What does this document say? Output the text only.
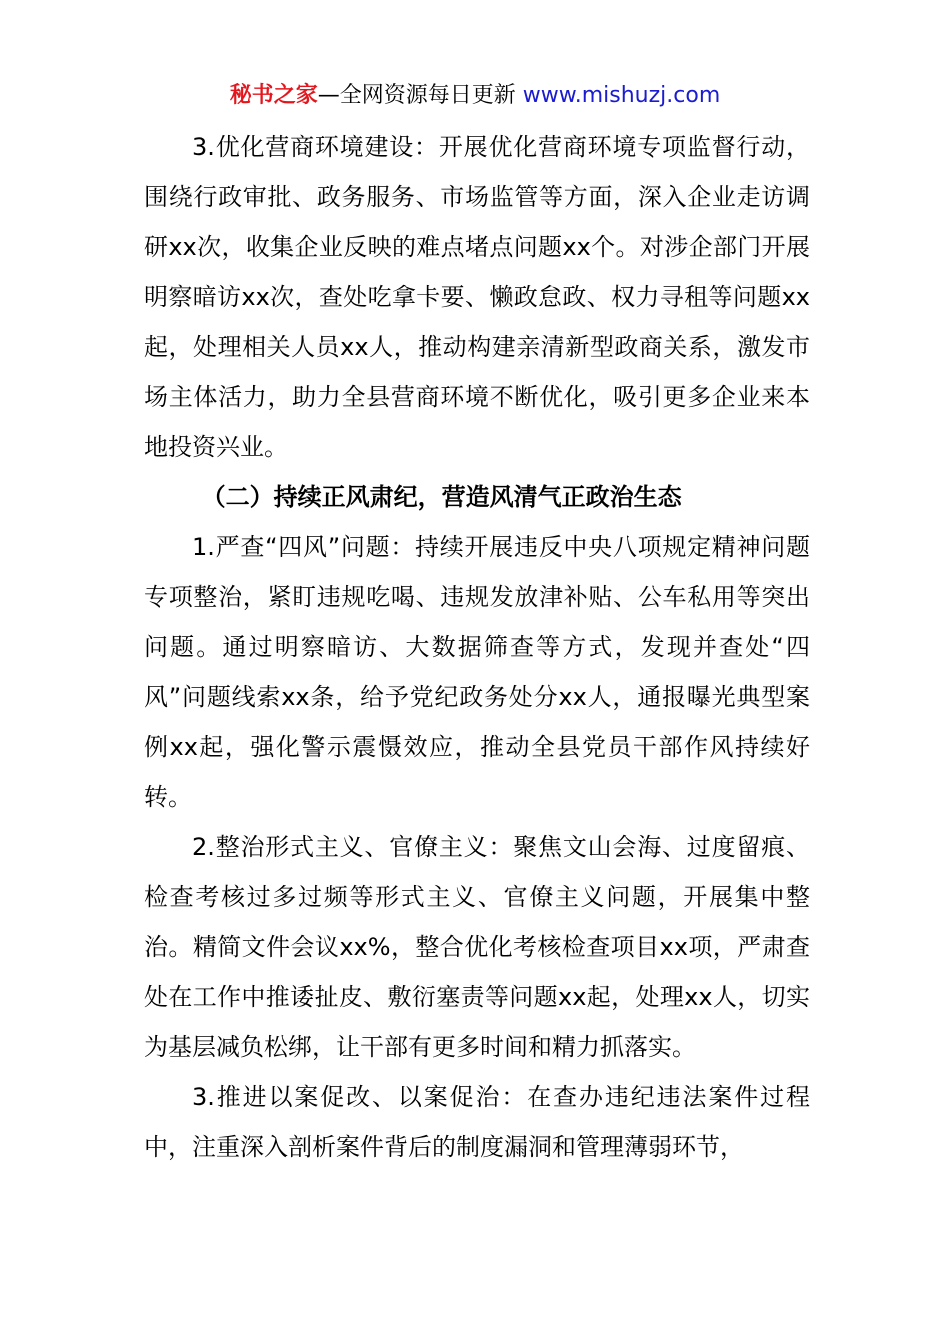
秘书之家—全网资源每日更新 www.mishuzj.com

3.优化营商环境建设：开展优化营商环境专项监督行动，围绕行政审批、政务服务、市场监管等方面，深入企业走访调研xx次，收集企业反映的难点堵点问题xx个。对涉企部门开展明察暗访xx次，查处吃拿卡要、懒政怠政、权力寻租等问题xx起，处理相关人员xx人，推动构建亲清新型政商关系，激发市场主体活力，助力全县营商环境不断优化，吸引更多企业来本地投资兴业。

（二）持续正风肃纪，营造风清气正政治生态

1.严查“四风”问题：持续开展违反中央八项规定精神问题专项整治，紧盯违规吃喝、违规发放津补贴、公车私用等突出问题。通过明察暗访、大数据筛查等方式，发现并查处“四风”问题线索xx条，给予党纪政务处分xx人，通报曝光典型案例xx起，强化警示震慑效应，推动全县党员干部作风持续好转。

2.整治形式主义、官僚主义：聚焦文山会海、过度留痕、检查考核过多过频等形式主义、官僚主义问题，开展集中整治。精简文件会议xx%，整合优化考核检查项目xx项，严肃查处在工作中推诿扯皮、敷衍塞责等问题xx起，处理xx人，切实为基层减负松绑，让干部有更多时间和精力抓落实。

3.推进以案促改、以案促治：在查办违纪违法案件过程中，注重深入剖析案件背后的制度漏洞和管理薄弱环节，
